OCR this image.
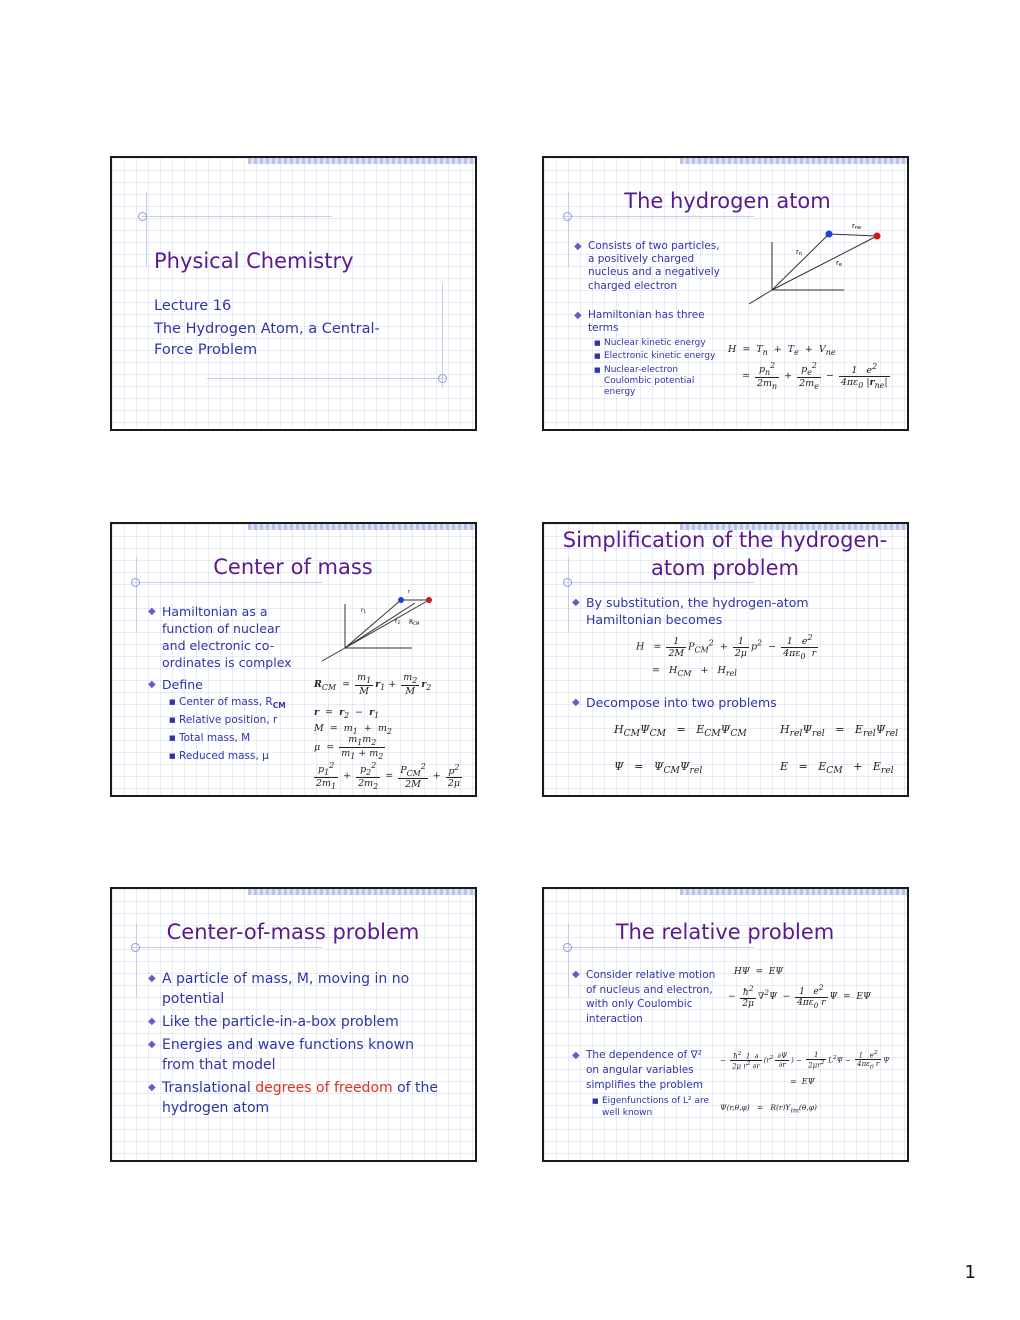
Physical Chemistry
Lecture 16
The Hydrogen Atom, a Central-
Force Problem
The hydrogen atom
◆ Consists of two particles, a positively charged nucleus and a negatively charged electron
◆ Hamiltonian has three terms
■ Nuclear kinetic energy
■ Electronic kinetic energy
■ Nuclear-electron Coulombic potential energy
rne
rn
re
$H = T_n + T_e + V_{ne}$
= $\frac{p_n^2}{2m_n} + \frac{p_e^2}{2m_e} - \frac{1 e^2}{4\pi\varepsilon_0 |r_{ne}|}$
Center of mass
◆ Hamiltonian as a function of nuclear and electronic co-ordinates is complex
◆ Define
■ Center of mass, $R_{CM}$
■ Relative position, r
■ Total mass, M
■ Reduced mass, μ
r
r1
r2 RCM
$R_{CM} = \frac{m_1}{M} r_1 + \frac{m_2}{M} r_2$
$r = r_2 - r_1$
$M = m_1 + m_2$
$\mu = \frac{m_1m_2}{m_1 + m_2}$
$\frac{p_1^2}{2m_1} + \frac{p_2^2}{2m_2} = \frac{P_{CM}^2}{2M} + \frac{p^2}{2\mu}$
Simplification of the hydrogen-
atom problem
◆ By substitution, the hydrogen-atom Hamiltonian becomes
$H = \frac{1}{2M} P_{CM}^2 + \frac{1}{2\mu} p^2 - \frac{1 e^2}{4\pi\varepsilon_0 r}$
=   $H_{CM} + H_{rel}$
◆ Decompose into two problems
$H_{CM}\Psi_{CM} = E_{CM}\Psi_{CM}$	$H_{rel}\Psi_{rel} = E_{rel}\Psi_{rel}$
$\Psi = \Psi_{CM}\Psi_{rel}$	$E = E_{CM} + E_{rel}$
Center-of-mass problem
◆ A particle of mass, M, moving in no potential
◆ Like the particle-in-a-box problem
◆ Energies and wave functions known from that model
◆ Translational degrees of freedom of the hydrogen atom
The relative problem
◆ Consider relative motion of nucleus and electron, with only Coulombic interaction
◆ The dependence of ∇² on angular variables simplifies the problem
■ Eigenfunctions of L² are well known
HΨ  =  EΨ
− $\frac{ħ^2}{2\mu} \nabla^2\Psi - \frac{1 e^2}{4\pi\varepsilon_0 r}$ Ψ  =  EΨ
− $\frac{ħ^2 1 \partial}{2\mu r^2 \partial r} (r^2 \frac{\partial\Psi}{\partial r}$ ) − $\frac{1}{2\mu r^2} L^2\Psi - \frac{1 e^2}{4\pi\varepsilon_0 r}$ Ψ
=  EΨ
$\Psi(r,\theta,\varphi) = R(r)Y_{\ell m}(\theta,\varphi)$
1
